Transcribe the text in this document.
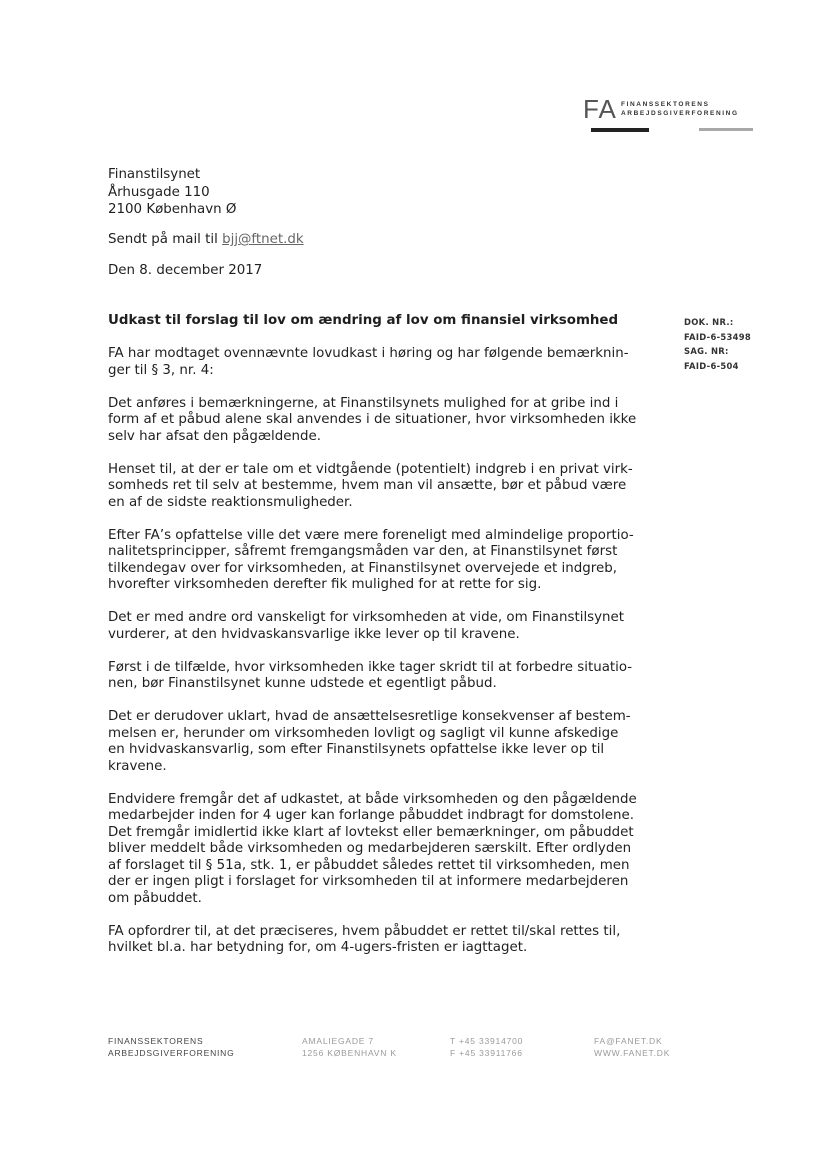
FA FINANSSEKTORENS
ARBEJDSGIVERFORENING
Finanstilsynet
Århusgade 110
2100 København Ø
Sendt på mail til bjj@ftnet.dk
Den 8. december 2017
Udkast til forslag til lov om ændring af lov om finansiel virksomhed	DOK. NR.:
FAID-6-53498
SAG. NR:
FAID-6-504
FA har modtaget ovennævnte lovudkast i høring og har følgende bemærknin-
ger til § 3, nr. 4:
Det anføres i bemærkningerne, at Finanstilsynets mulighed for at gribe ind i
form af et påbud alene skal anvendes i de situationer, hvor virksomheden ikke
selv har afsat den pågældende.
Henset til, at der er tale om et vidtgående (potentielt) indgreb i en privat virk-
somheds ret til selv at bestemme, hvem man vil ansætte, bør et påbud være
en af de sidste reaktionsmuligheder.
Efter FA’s opfattelse ville det være mere foreneligt med almindelige proportio-
nalitetsprincipper, såfremt fremgangsmåden var den, at Finanstilsynet først
tilkendegav over for virksomheden, at Finanstilsynet overvejede et indgreb,
hvorefter virksomheden derefter fik mulighed for at rette for sig.
Det er med andre ord vanskeligt for virksomheden at vide, om Finanstilsynet
vurderer, at den hvidvaskansvarlige ikke lever op til kravene.
Først i de tilfælde, hvor virksomheden ikke tager skridt til at forbedre situatio-
nen, bør Finanstilsynet kunne udstede et egentligt påbud.
Det er derudover uklart, hvad de ansættelsesretlige konsekvenser af bestem-
melsen er, herunder om virksomheden lovligt og sagligt vil kunne afskedige
en hvidvaskansvarlig, som efter Finanstilsynets opfattelse ikke lever op til
kravene.
Endvidere fremgår det af udkastet, at både virksomheden og den pågældende
medarbejder inden for 4 uger kan forlange påbuddet indbragt for domstolene.
Det fremgår imidlertid ikke klart af lovtekst eller bemærkninger, om påbuddet
bliver meddelt både virksomheden og medarbejderen særskilt. Efter ordlyden
af forslaget til § 51a, stk. 1, er påbuddet således rettet til virksomheden, men
der er ingen pligt i forslaget for virksomheden til at informere medarbejderen
om påbuddet.
FA opfordrer til, at det præciseres, hvem påbuddet er rettet til/skal rettes til,
hvilket bl.a. har betydning for, om 4-ugers-fristen er iagttaget.
FINANSSEKTORENS
ARBEJDSGIVERFORENING
AMALIEGADE 7
1256 KØBENHAVN K
T +45 33914700
F +45 33911766
FA@FANET.DK
WWW.FANET.DK
